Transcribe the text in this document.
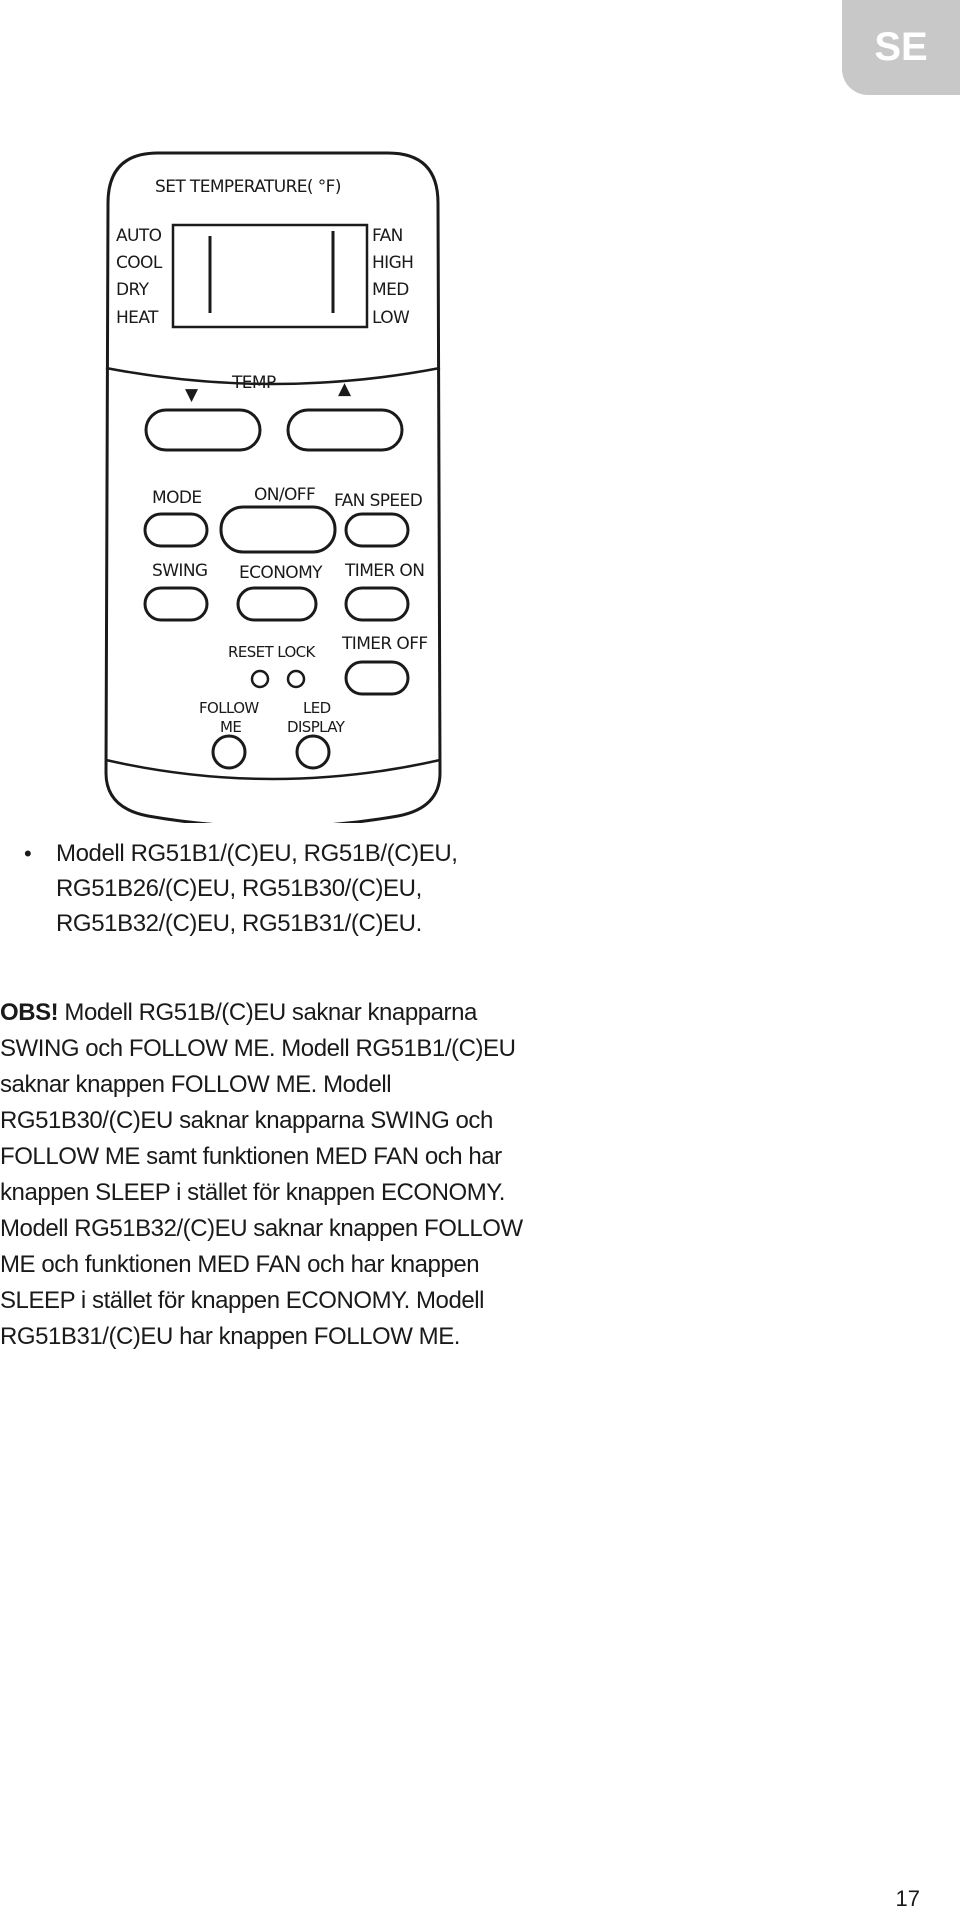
SE
SET TEMPERATURE( °F)
AUTO
COOL
DRY
HEAT
FAN
HIGH
MED
LOW
▼
TEMP	▲
MODE	ON/OFF FAN SPEED
SWING ECONOMY TIMER ON
RESET LOCK TIMER OFF
FOLLOW
ME
LED
DISPLAY
• Modell RG51B1/(C)EU, RG51B/(C)EU, RG51B26/(C)EU, RG51B30/(C)EU, RG51B32/(C)EU, RG51B31/(C)EU.
OBS! Modell RG51B/(C)EU saknar knapparna SWING och FOLLOW ME. Modell RG51B1/(C)EU saknar knappen FOLLOW ME. Modell RG51B30/(C)EU saknar knapparna SWING och FOLLOW ME samt funktionen MED FAN och har knappen SLEEP i stället för knappen ECONOMY. Modell RG51B32/(C)EU saknar knappen FOLLOW ME och funktionen MED FAN och har knappen SLEEP i stället för knappen ECONOMY. Modell RG51B31/(C)EU har knappen FOLLOW ME.
17
